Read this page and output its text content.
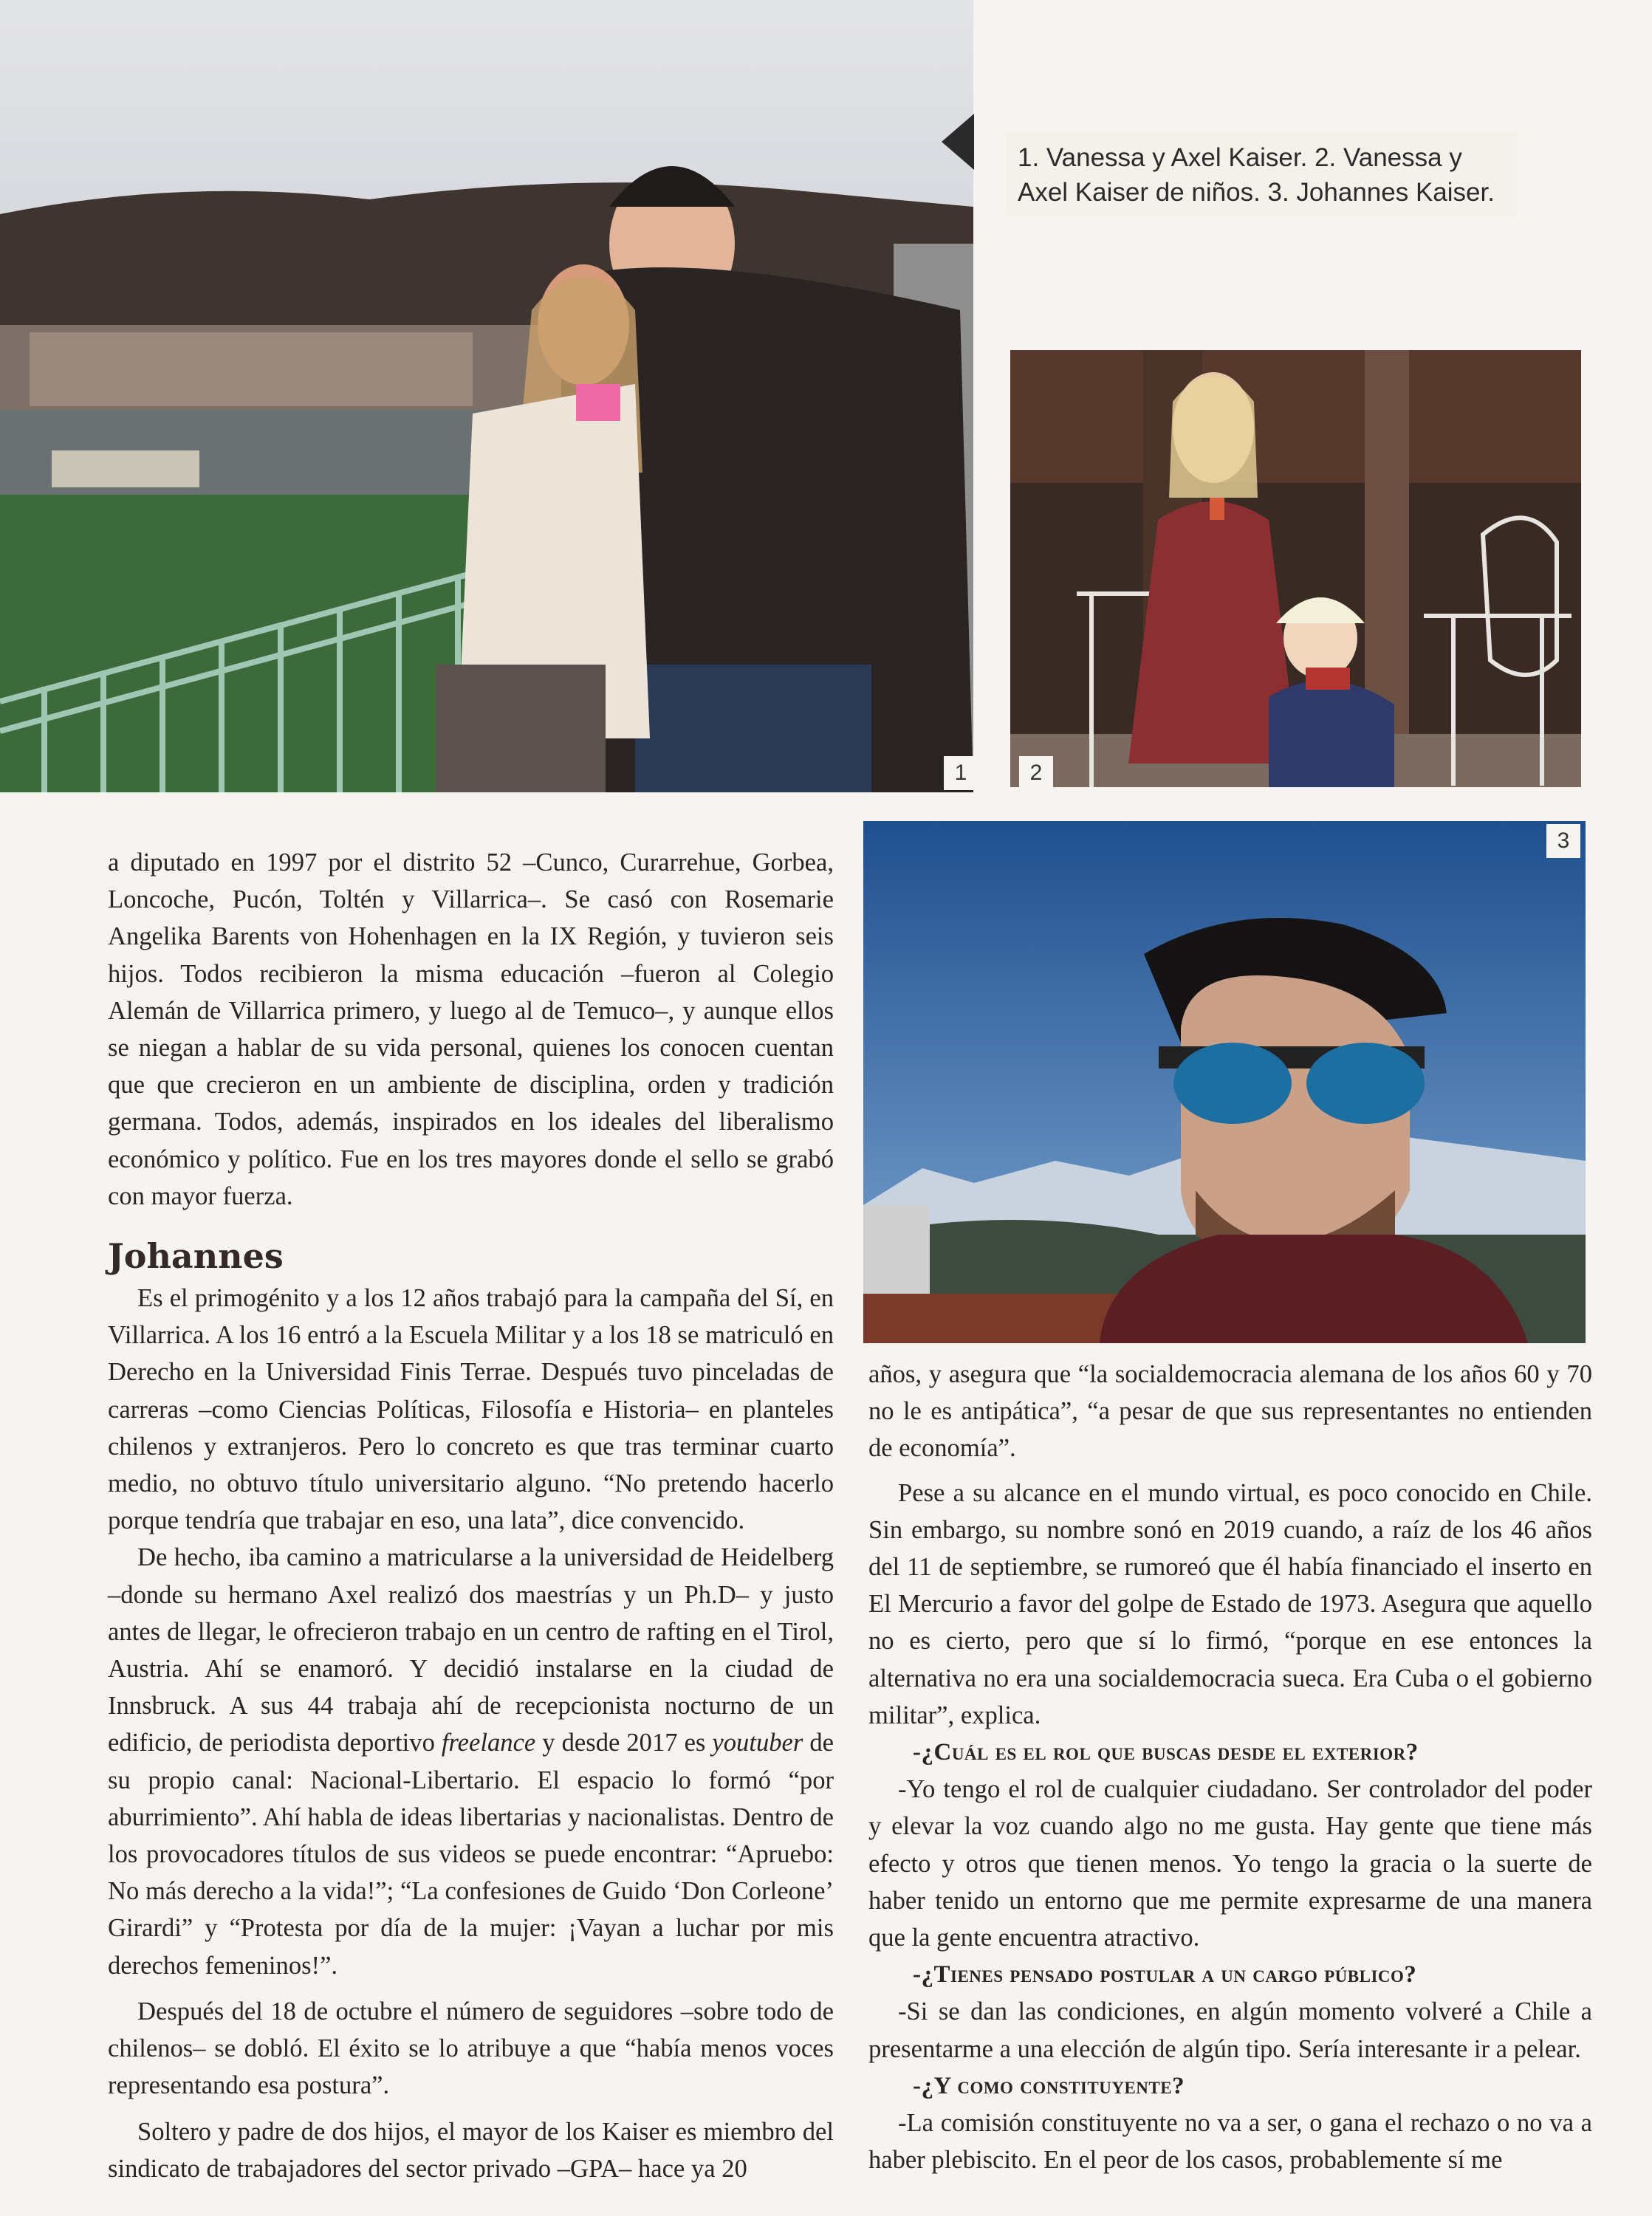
1
1. Vanessa y Axel Kaiser. 2. Vanessa y Axel Kaiser de niños. 3. Johannes Kaiser.
2
3

a diputado en 1997 por el distrito 52 –Cunco, Curarrehue, Gorbea, Loncoche, Pucón, Toltén y Villarrica–. Se casó con Rosemarie Angelika Barents von Hohenhagen en la IX Región, y tuvieron seis hijos. Todos recibieron la misma educación –fueron al Colegio Alemán de Villarrica primero, y luego al de Temuco–, y aunque ellos se niegan a hablar de su vida personal, quienes los conocen cuentan que que crecieron en un ambiente de disciplina, orden y tradición germana. Todos, además, inspirados en los ideales del liberalismo económico y político. Fue en los tres mayores donde el sello se grabó con mayor fuerza.

Johannes

Es el primogénito y a los 12 años trabajó para la campaña del Sí, en Villarrica. A los 16 entró a la Escuela Militar y a los 18 se matriculó en Derecho en la Universidad Finis Terrae. Después tuvo pinceladas de carreras –como Ciencias Políticas, Filosofía e Historia– en planteles chilenos y extranjeros. Pero lo concreto es que tras terminar cuarto medio, no obtuvo título universitario alguno. “No pretendo hacerlo porque tendría que trabajar en eso, una lata”, dice convencido.

De hecho, iba camino a matricularse a la universidad de Heidelberg –donde su hermano Axel realizó dos maestrías y un Ph.D– y justo antes de llegar, le ofrecieron trabajo en un centro de rafting en el Tirol, Austria. Ahí se enamoró. Y decidió instalarse en la ciudad de Innsbruck. A sus 44 trabaja ahí de recepcionista nocturno de un edificio, de periodista deportivo freelance y desde 2017 es youtuber de su propio canal: Nacional-Libertario. El espacio lo formó “por aburrimiento”. Ahí habla de ideas libertarias y nacionalistas. Dentro de los provocadores títulos de sus videos se puede encontrar: “Apruebo: No más derecho a la vida!”; “La confesiones de Guido ‘Don Corleone’ Girardi” y “Protesta por día de la mujer: ¡Vayan a luchar por mis derechos femeninos!”.

Después del 18 de octubre el número de seguidores –sobre todo de chilenos– se dobló. El éxito se lo atribuye a que “había menos voces representando esa postura”.

Soltero y padre de dos hijos, el mayor de los Kaiser es miembro del sindicato de trabajadores del sector privado –GPA– hace ya 20

años, y asegura que “la socialdemocracia alemana de los años 60 y 70 no le es antipática”, “a pesar de que sus representantes no entienden de economía”.

Pese a su alcance en el mundo virtual, es poco conocido en Chile. Sin embargo, su nombre sonó en 2019 cuando, a raíz de los 46 años del 11 de septiembre, se rumoreó que él había financiado el inserto en El Mercurio a favor del golpe de Estado de 1973. Asegura que aquello no es cierto, pero que sí lo firmó, “porque en ese entonces la alternativa no era una socialdemocracia sueca. Era Cuba o el gobierno militar”, explica.

-¿Cuál es el rol que buscas desde el exterior?

-Yo tengo el rol de cualquier ciudadano. Ser controlador del poder y elevar la voz cuando algo no me gusta. Hay gente que tiene más efecto y otros que tienen menos. Yo tengo la gracia o la suerte de haber tenido un entorno que me permite expresarme de una manera que la gente encuentra atractivo.

-¿Tienes pensado postular a un cargo público?

-Si se dan las condiciones, en algún momento volveré a Chile a presentarme a una elección de algún tipo. Sería interesante ir a pelear.

-¿Y como constituyente?

-La comisión constituyente no va a ser, o gana el rechazo o no va a haber plebiscito. En el peor de los casos, probablemente sí me
